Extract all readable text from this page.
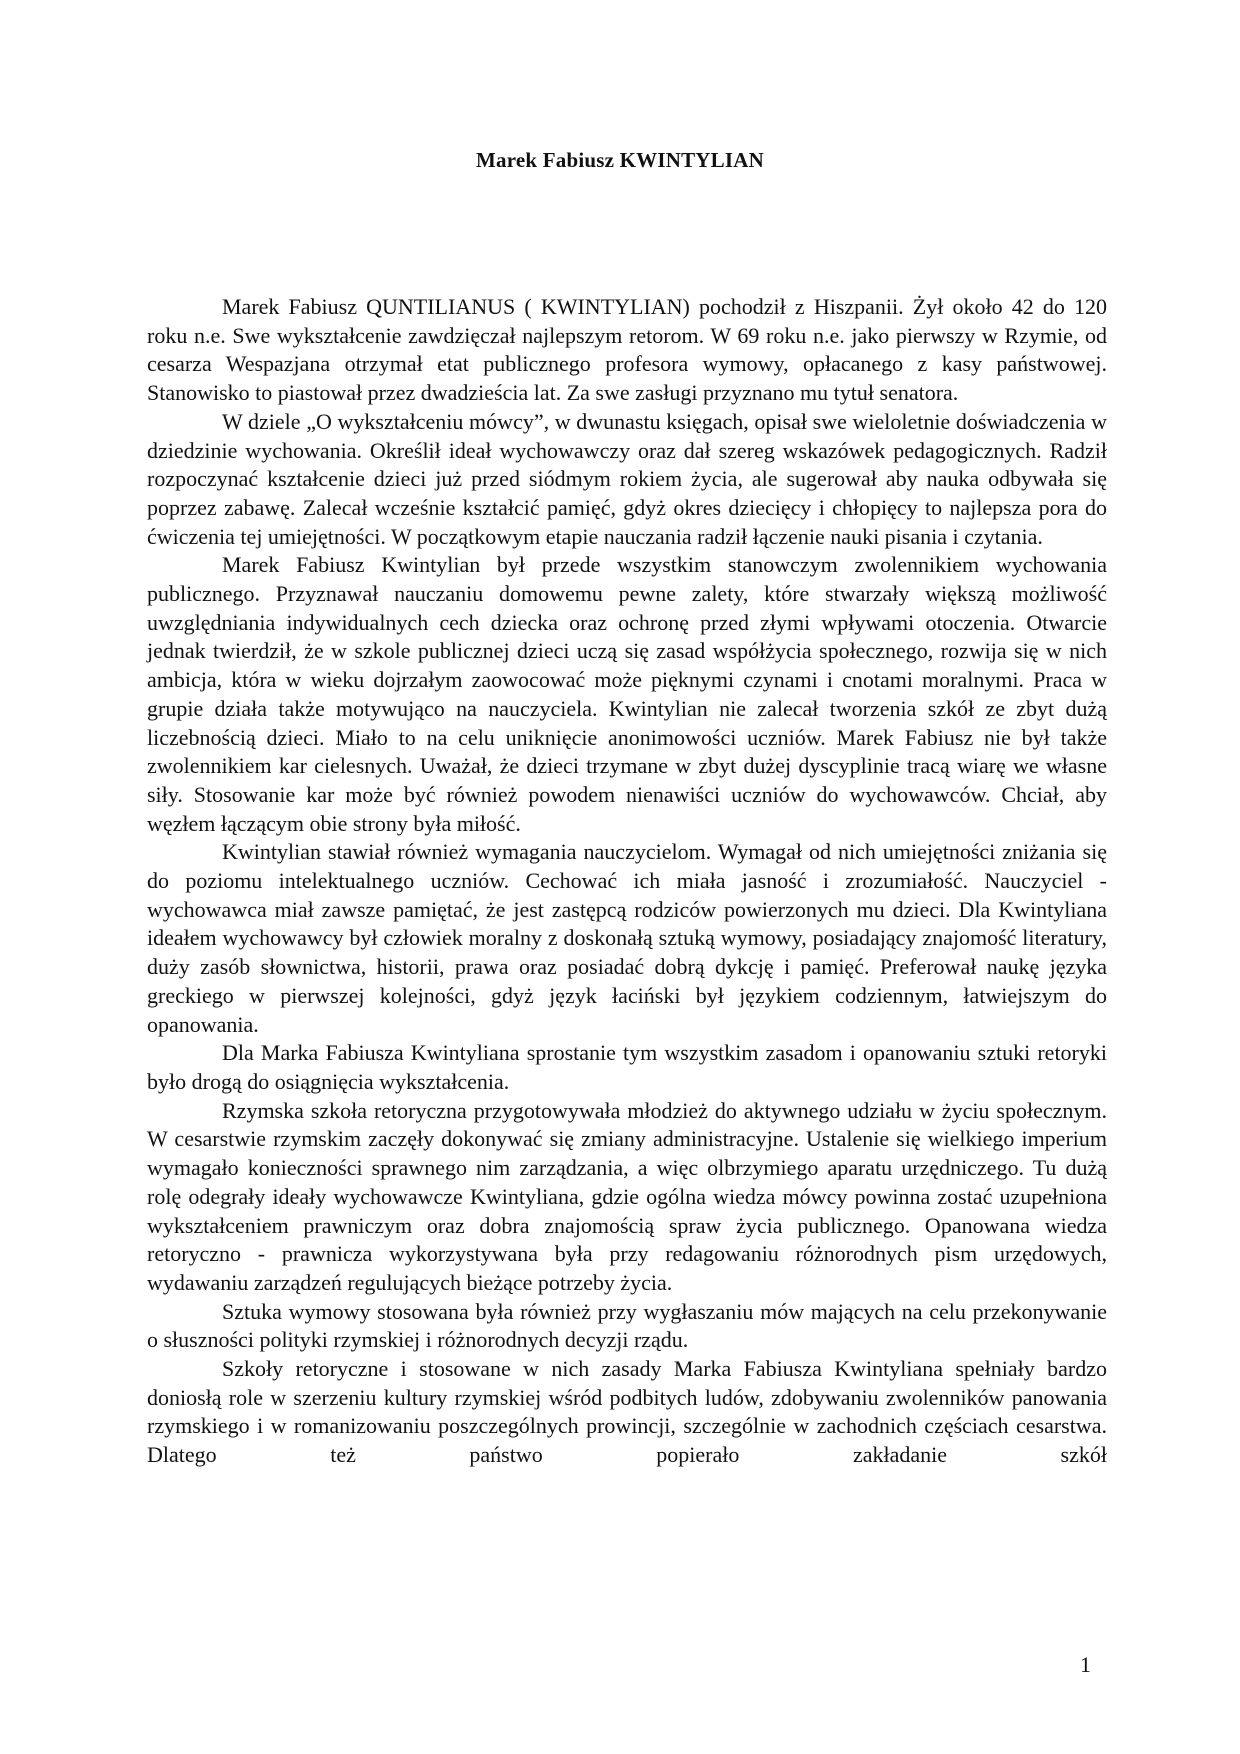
Marek Fabiusz KWINTYLIAN

Marek Fabiusz QUNTILIANUS ( KWINTYLIAN) pochodził z Hiszpanii. Żył około 42 do 120 roku n.e. Swe wykształcenie zawdzięczał najlepszym retorom. W 69 roku n.e. jako pierwszy w Rzymie, od cesarza Wespazjana otrzymał etat publicznego profesora wymowy, opłacanego z kasy państwowej. Stanowisko to piastował przez dwadzieścia lat. Za swe zasługi przyznano mu tytuł senatora.

W dziele „O wykształceniu mówcy”, w dwunastu księgach, opisał swe wieloletnie doświadczenia w dziedzinie wychowania. Określił ideał wychowawczy oraz dał szereg wskazówek pedagogicznych. Radził rozpoczynać kształcenie dzieci już przed siódmym rokiem życia, ale sugerował aby nauka odbywała się poprzez zabawę. Zalecał wcześnie kształcić pamięć, gdyż okres dziecięcy i chłopięcy to najlepsza pora do ćwiczenia tej umiejętności. W początkowym etapie nauczania radził łączenie nauki pisania i czytania.

Marek Fabiusz Kwintylian był przede wszystkim stanowczym zwolennikiem wychowania publicznego. Przyznawał nauczaniu domowemu pewne zalety, które stwarzały większą możliwość uwzględniania indywidualnych cech dziecka oraz ochronę przed złymi wpływami otoczenia. Otwarcie jednak twierdził, że w szkole publicznej dzieci uczą się zasad współżycia społecznego, rozwija się w nich ambicja, która w wieku dojrzałym zaowocować może pięknymi czynami i cnotami moralnymi. Praca w grupie działa także motywująco na nauczyciela. Kwintylian nie zalecał tworzenia szkół ze zbyt dużą liczebnością dzieci. Miało to na celu uniknięcie anonimowości uczniów. Marek Fabiusz nie był także zwolennikiem kar cielesnych. Uważał, że dzieci trzymane w zbyt dużej dyscyplinie tracą wiarę we własne siły. Stosowanie kar może być również powodem nienawiści uczniów do wychowawców. Chciał, aby węzłem łączącym obie strony była miłość.

Kwintylian stawiał również wymagania nauczycielom. Wymagał od nich umiejętności zniżania się do poziomu intelektualnego uczniów. Cechować ich miała jasność i zrozumiałość. Nauczyciel - wychowawca miał zawsze pamiętać, że jest zastępcą rodziców powierzonych mu dzieci. Dla Kwintyliana ideałem wychowawcy był człowiek moralny z doskonałą sztuką wymowy, posiadający znajomość literatury, duży zasób słownictwa, historii, prawa oraz posiadać dobrą dykcję i pamięć. Preferował naukę języka greckiego w pierwszej kolejności, gdyż język łaciński był językiem codziennym, łatwiejszym do opanowania.

Dla Marka Fabiusza Kwintyliana sprostanie tym wszystkim zasadom i opanowaniu sztuki retoryki było drogą do osiągnięcia wykształcenia.

Rzymska szkoła retoryczna przygotowywała młodzież do aktywnego udziału w życiu społecznym. W cesarstwie rzymskim zaczęły dokonywać się zmiany administracyjne. Ustalenie się wielkiego imperium wymagało konieczności sprawnego nim zarządzania, a więc olbrzymiego aparatu urzędniczego. Tu dużą rolę odegrały ideały wychowawcze Kwintyliana, gdzie ogólna wiedza mówcy powinna zostać uzupełniona wykształceniem prawniczym oraz dobra znajomością spraw życia publicznego. Opanowana wiedza retoryczno - prawnicza wykorzystywana była przy redagowaniu różnorodnych pism urzędowych, wydawaniu zarządzeń regulujących bieżące potrzeby życia.

Sztuka wymowy stosowana była również przy wygłaszaniu mów mających na celu przekonywanie o słuszności polityki rzymskiej i różnorodnych decyzji rządu.

Szkoły retoryczne i stosowane w nich zasady Marka Fabiusza Kwintyliana spełniały bardzo doniosłą role w szerzeniu kultury rzymskiej wśród podbitych ludów, zdobywaniu zwolenników panowania rzymskiego i w romanizowaniu poszczególnych prowincji, szczególnie w zachodnich częściach cesarstwa. Dlatego też państwo popierało zakładanie szkół

1
